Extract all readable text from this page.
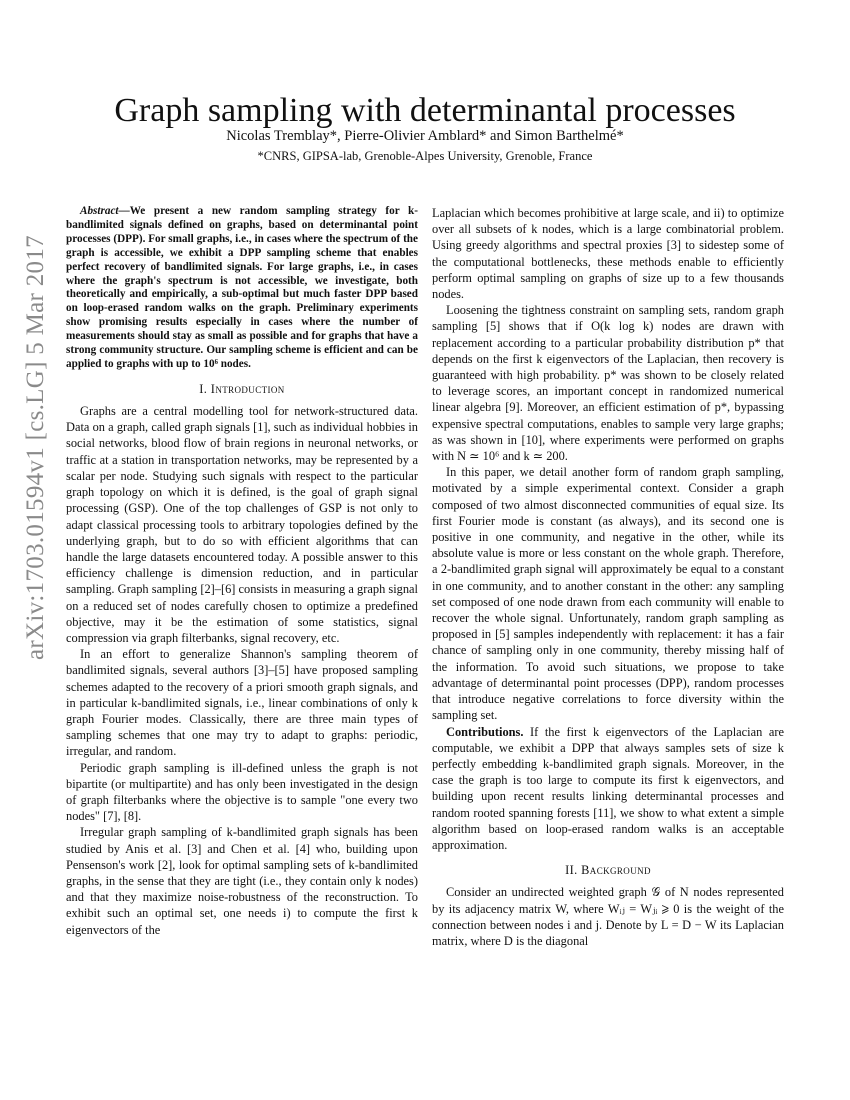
arXiv:1703.01594v1 [cs.LG] 5 Mar 2017
Graph sampling with determinantal processes
Nicolas Tremblay*, Pierre-Olivier Amblard* and Simon Barthelmé*
*CNRS, GIPSA-lab, Grenoble-Alpes University, Grenoble, France

Abstract—We present a new random sampling strategy for k-bandlimited signals defined on graphs, based on determinantal point processes (DPP). For small graphs, i.e., in cases where the spectrum of the graph is accessible, we exhibit a DPP sampling scheme that enables perfect recovery of bandlimited signals. For large graphs, i.e., in cases where the graph's spectrum is not accessible, we investigate, both theoretically and empirically, a sub-optimal but much faster DPP based on loop-erased random walks on the graph. Preliminary experiments show promising results especially in cases where the number of measurements should stay as small as possible and for graphs that have a strong community structure. Our sampling scheme is efficient and can be applied to graphs with up to 10⁶ nodes.

I. Introduction

Graphs are a central modelling tool for network-structured data. Data on a graph, called graph signals [1], such as individual hobbies in social networks, blood flow of brain regions in neuronal networks, or traffic at a station in transportation networks, may be represented by a scalar per node. Studying such signals with respect to the particular graph topology on which it is defined, is the goal of graph signal processing (GSP). One of the top challenges of GSP is not only to adapt classical processing tools to arbitrary topologies defined by the underlying graph, but to do so with efficient algorithms that can handle the large datasets encountered today. A possible answer to this efficiency challenge is dimension reduction, and in particular sampling. Graph sampling [2]–[6] consists in measuring a graph signal on a reduced set of nodes carefully chosen to optimize a predefined objective, may it be the estimation of some statistics, signal compression via graph filterbanks, signal recovery, etc.

In an effort to generalize Shannon's sampling theorem of bandlimited signals, several authors [3]–[5] have proposed sampling schemes adapted to the recovery of a priori smooth graph signals, and in particular k-bandlimited signals, i.e., linear combinations of only k graph Fourier modes. Classically, there are three main types of sampling schemes that one may try to adapt to graphs: periodic, irregular, and random.

Periodic graph sampling is ill-defined unless the graph is not bipartite (or multipartite) and has only been investigated in the design of graph filterbanks where the objective is to sample "one every two nodes" [7], [8].

Irregular graph sampling of k-bandlimited graph signals has been studied by Anis et al. [3] and Chen et al. [4] who, building upon Pensenson's work [2], look for optimal sampling sets of k-bandlimited graphs, in the sense that they are tight (i.e., they contain only k nodes) and that they maximize noise-robustness of the reconstruction. To exhibit such an optimal set, one needs i) to compute the first k eigenvectors of the

Laplacian which becomes prohibitive at large scale, and ii) to optimize over all subsets of k nodes, which is a large combinatorial problem. Using greedy algorithms and spectral proxies [3] to sidestep some of the computational bottlenecks, these methods enable to efficiently perform optimal sampling on graphs of size up to a few thousands nodes.

Loosening the tightness constraint on sampling sets, random graph sampling [5] shows that if O(k log k) nodes are drawn with replacement according to a particular probability distribution p* that depends on the first k eigenvectors of the Laplacian, then recovery is guaranteed with high probability. p* was shown to be closely related to leverage scores, an important concept in randomized numerical linear algebra [9]. Moreover, an efficient estimation of p*, bypassing expensive spectral computations, enables to sample very large graphs; as was shown in [10], where experiments were performed on graphs with N ≃ 10⁶ and k ≃ 200.

In this paper, we detail another form of random graph sampling, motivated by a simple experimental context. Consider a graph composed of two almost disconnected communities of equal size. Its first Fourier mode is constant (as always), and its second one is positive in one community, and negative in the other, while its absolute value is more or less constant on the whole graph. Therefore, a 2-bandlimited graph signal will approximately be equal to a constant in one community, and to another constant in the other: any sampling set composed of one node drawn from each community will enable to recover the whole signal. Unfortunately, random graph sampling as proposed in [5] samples independently with replacement: it has a fair chance of sampling only in one community, thereby missing half of the information. To avoid such situations, we propose to take advantage of determinantal point processes (DPP), random processes that introduce negative correlations to force diversity within the sampling set.

Contributions. If the first k eigenvectors of the Laplacian are computable, we exhibit a DPP that always samples sets of size k perfectly embedding k-bandlimited graph signals. Moreover, in the case the graph is too large to compute its first k eigenvectors, and building upon recent results linking determinantal processes and random rooted spanning forests [11], we show to what extent a simple algorithm based on loop-erased random walks is an acceptable approximation.

II. Background

Consider an undirected weighted graph 𝒢 of N nodes represented by its adjacency matrix W, where Wᵢⱼ = Wⱼᵢ ⩾ 0 is the weight of the connection between nodes i and j. Denote by L = D − W its Laplacian matrix, where D is the diagonal
